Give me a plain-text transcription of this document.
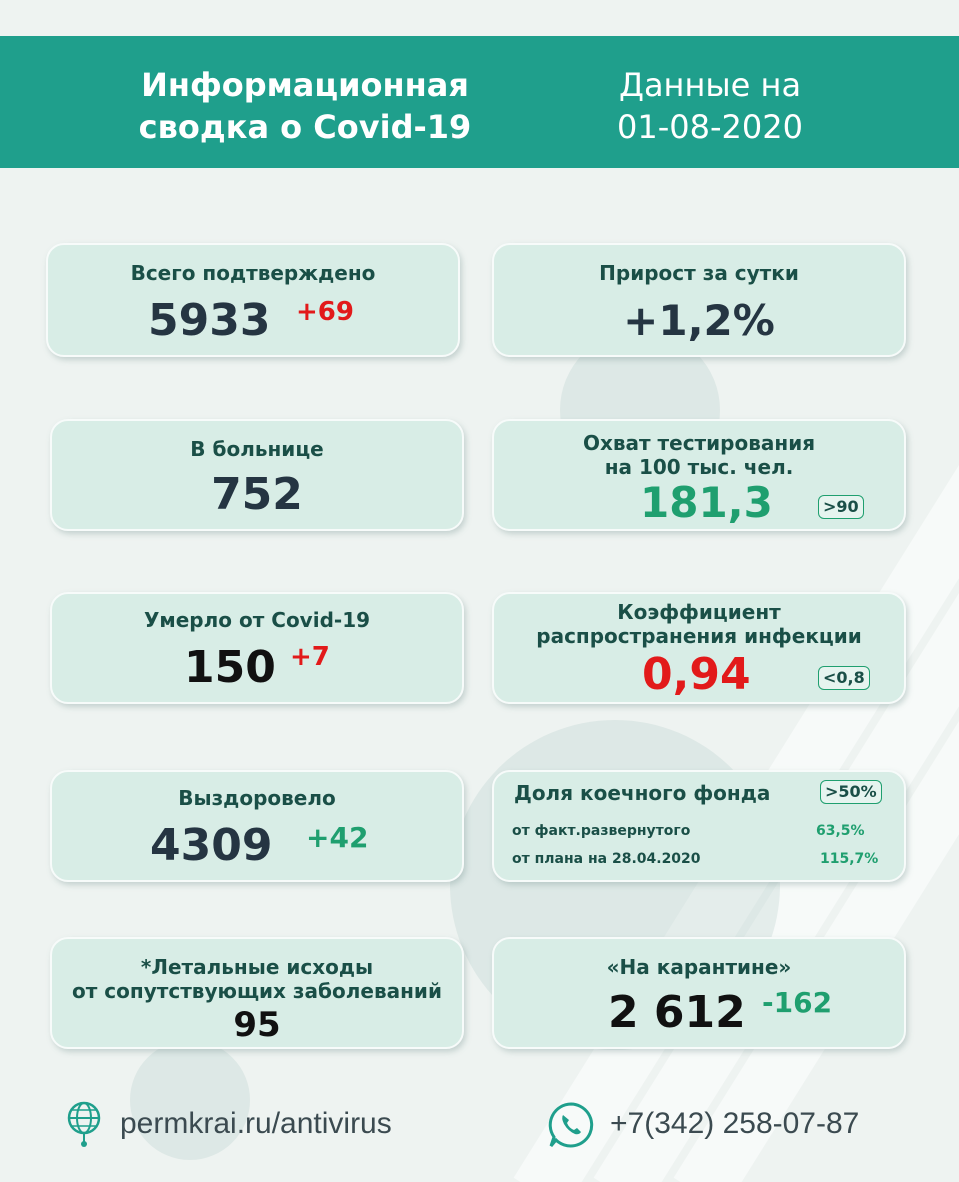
Информационная
сводка о Covid-19
Данные на
01-08-2020
Всего подтверждено
5933 +69
Прирост за сутки
+1,2%
В больнице
752
Охват тестирования
на 100 тыс. чел.
181,3	>90
Умерло от Covid-19
150 +7
Коэффициент
распространения инфекции
0,94	<0,8
Выздоровело
4309 +42
Доля коечного фонда	>50%
от факт.развернутого	63,5%
от плана на 28.04.2020	115,7%
*Летальные исходы
от сопутствующих заболеваний
95
«На карантине»
2 612 -162
permkrai.ru/antivirus	+7(342) 258-07-87
